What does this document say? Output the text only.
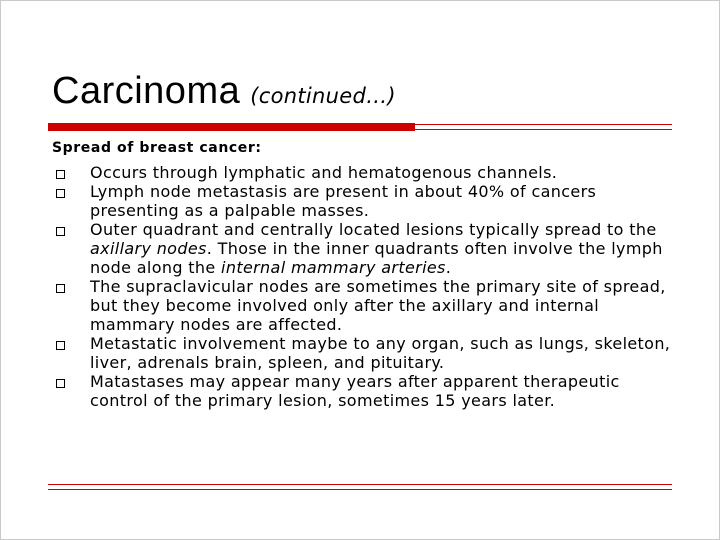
Carcinoma (continued…)
Spread of breast cancer:
Occurs through lymphatic and hematogenous channels.
Lymph node metastasis are present in about 40% of cancers presenting as a palpable masses.
Outer quadrant and centrally located lesions typically spread to the axillary nodes. Those in the inner quadrants often involve the lymph node along the internal mammary arteries.
The supraclavicular nodes are sometimes the primary site of spread, but they become involved only after the axillary and internal mammary nodes are affected.
Metastatic involvement maybe to any organ, such as lungs, skeleton, liver, adrenals brain, spleen, and pituitary.
Matastases may appear many years after apparent therapeutic control of the primary lesion, sometimes 15 years later.
